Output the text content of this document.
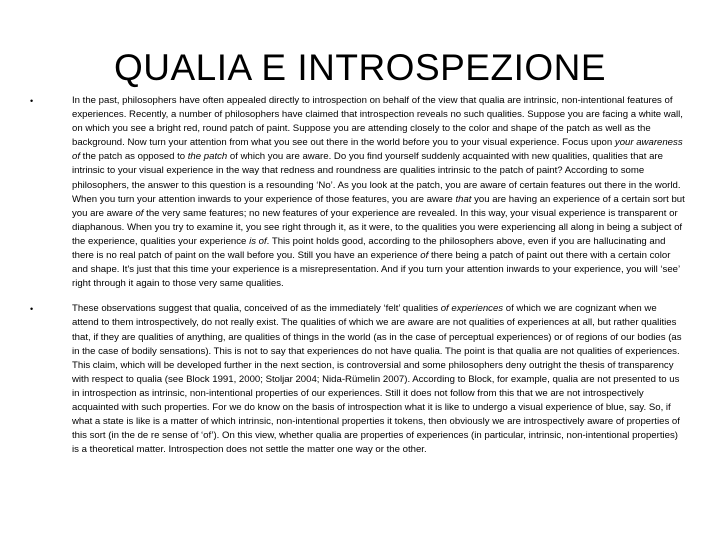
QUALIA E INTROSPEZIONE
•	In the past, philosophers have often appealed directly to introspection on behalf of the view that qualia are intrinsic, non-intentional features of experiences. Recently, a number of philosophers have claimed that introspection reveals no such qualities. Suppose you are facing a white wall, on which you see a bright red, round patch of paint. Suppose you are attending closely to the color and shape of the patch as well as the background. Now turn your attention from what you see out there in the world before you to your visual experience. Focus upon your awareness of the patch as opposed to the patch of which you are aware. Do you find yourself suddenly acquainted with new qualities, qualities that are intrinsic to your visual experience in the way that redness and roundness are qualities intrinsic to the patch of paint? According to some philosophers, the answer to this question is a resounding ‘No’. As you look at the patch, you are aware of certain features out there in the world. When you turn your attention inwards to your experience of those features, you are aware that you are having an experience of a certain sort but you are aware of the very same features; no new features of your experience are revealed. In this way, your visual experience is transparent or diaphanous. When you try to examine it, you see right through it, as it were, to the qualities you were experiencing all along in being a subject of the experience, qualities your experience is of. This point holds good, according to the philosophers above, even if you are hallucinating and there is no real patch of paint on the wall before you. Still you have an experience of there being a patch of paint out there with a certain color and shape. It's just that this time your experience is a misrepresentation. And if you turn your attention inwards to your experience, you will ‘see’ right through it again to those very same qualities.
•	These observations suggest that qualia, conceived of as the immediately ‘felt’ qualities of experiences of which we are cognizant when we attend to them introspectively, do not really exist. The qualities of which we are aware are not qualities of experiences at all, but rather qualities that, if they are qualities of anything, are qualities of things in the world (as in the case of perceptual experiences) or of regions of our bodies (as in the case of bodily sensations). This is not to say that experiences do not have qualia. The point is that qualia are not qualities of experiences. This claim, which will be developed further in the next section, is controversial and some philosophers deny outright the thesis of transparency with respect to qualia (see Block 1991, 2000; Stoljar 2004; Nida-Rümelin 2007). According to Block, for example, qualia are not presented to us in introspection as intrinsic, non-intentional properties of our experiences. Still it does not follow from this that we are not introspectively acquainted with such properties. For we do know on the basis of introspection what it is like to undergo a visual experience of blue, say. So, if what a state is like is a matter of which intrinsic, non-intentional properties it tokens, then obviously we are introspectively aware of properties of this sort (in the de re sense of ‘of’). On this view, whether qualia are properties of experiences (in particular, intrinsic, non-intentional properties) is a theoretical matter. Introspection does not settle the matter one way or the other.
